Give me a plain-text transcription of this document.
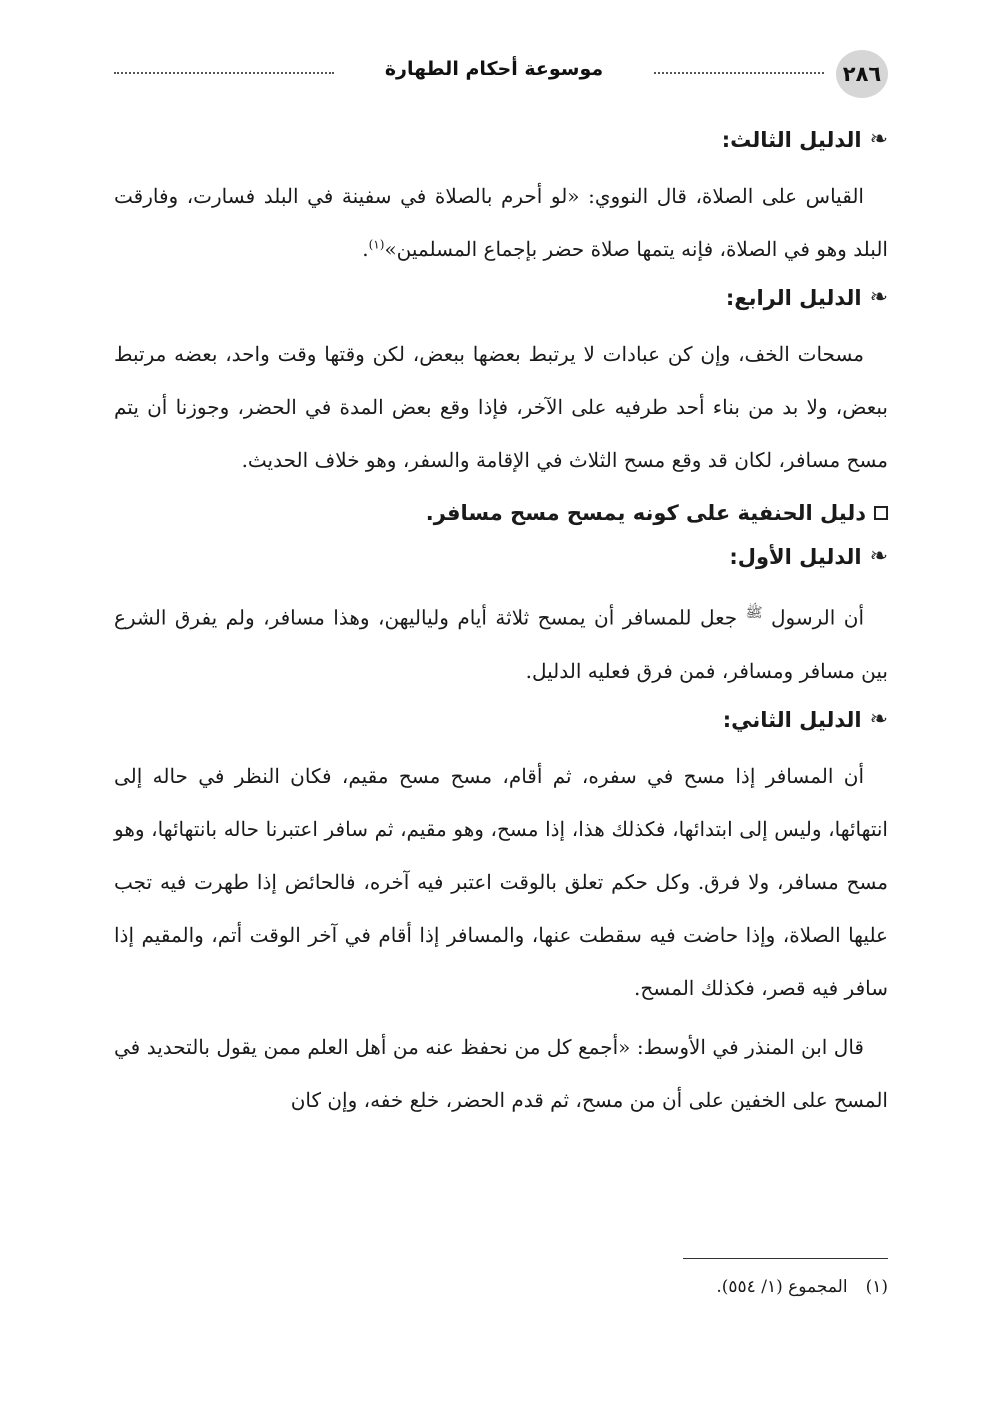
٢٨٦
موسوعة أحكام الطهارة
❧
الدليل الثالث:

القياس على الصلاة، قال النووي: «لو أحرم بالصلاة في سفينة في البلد فسارت، وفارقت البلد وهو في الصلاة، فإنه يتمها صلاة حضر بإجماع المسلمين»$^{(١)}$.

❧
الدليل الرابع:

مسحات الخف، وإن كن عبادات لا يرتبط بعضها ببعض، لكن وقتها وقت واحد، بعضه مرتبط ببعض، ولا بد من بناء أحد طرفيه على الآخر، فإذا وقع بعض المدة في الحضر، وجوزنا أن يتم مسح مسافر، لكان قد وقع مسح الثلاث في الإقامة والسفر، وهو خلاف الحديث.

دليل الحنفية على كونه يمسح مسح مسافر.
❧
الدليل الأول:

أن الرسول $^ﷺ$ جعل للمسافر أن يمسح ثلاثة أيام ولياليهن، وهذا مسافر، ولم يفرق الشرع بين مسافر ومسافر، فمن فرق فعليه الدليل.

❧
الدليل الثاني:

أن المسافر إذا مسح في سفره، ثم أقام، مسح مسح مقيم، فكان النظر في حاله إلى انتهائها، وليس إلى ابتدائها، فكذلك هذا، إذا مسح، وهو مقيم، ثم سافر اعتبرنا حاله بانتهائها، وهو مسح مسافر، ولا فرق. وكل حكم تعلق بالوقت اعتبر فيه آخره، فالحائض إذا طهرت فيه تجب عليها الصلاة، وإذا حاضت فيه سقطت عنها، والمسافر إذا أقام في آخر الوقت أتم، والمقيم إذا سافر فيه قصر، فكذلك المسح.

قال ابن المنذر في الأوسط: «أجمع كل من نحفظ عنه من أهل العلم ممن يقول بالتحديد في المسح على الخفين على أن من مسح، ثم قدم الحضر، خلع خفه، وإن كان

(١)
المجموع (١/ ٥٥٤).
